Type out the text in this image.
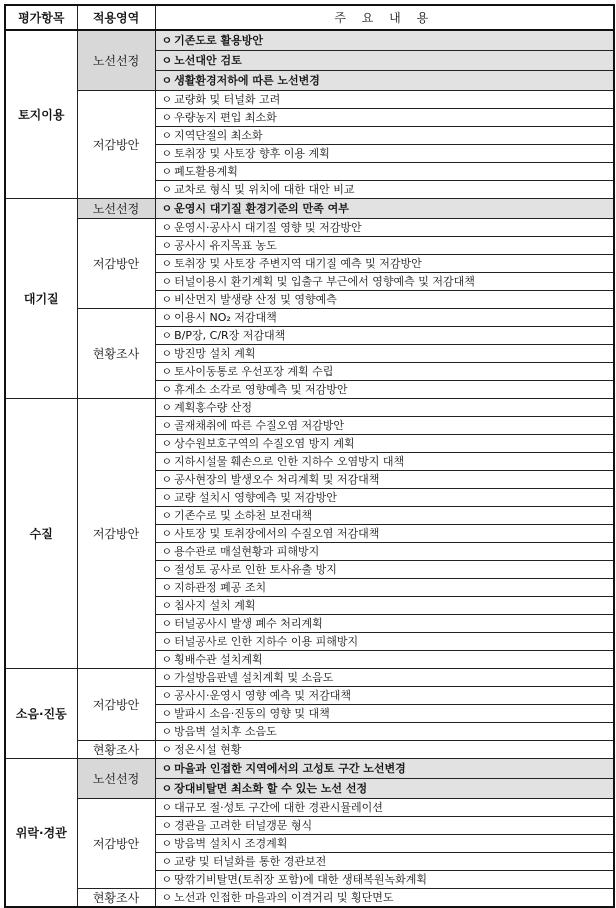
평가항목	적용영역	주 요 내 용
토지이용	노선선정	ㅇ 기존도로 활용방안
		ㅇ 노선대안 검토
		ㅇ 생활환경저하에 따른 노선변경
	저감방안	ㅇ 교량화 및 터널화 고려
		ㅇ 우량농지 편입 최소화
		ㅇ 지역단절의 최소화
		ㅇ 토취장 및 사토장 향후 이용 계획
		ㅇ 폐도활용계획
		ㅇ 교차로 형식 및 위치에 대한 대안 비교
대기질	노선선정	ㅇ 운영시 대기질 환경기준의 만족 여부
	저감방안	ㅇ 운영시·공사시 대기질 영향 및 저감방안
		ㅇ 공사시 유지목표 농도
		ㅇ 토취장 및 사토장 주변지역 대기질 예측 및 저감방안
		ㅇ 터널이용시 환기계획 및 입출구 부근에서 영향예측 및 저감대책
		ㅇ 비산먼지 발생량 산정 및 영향예측
	현황조사	ㅇ 이용시 NO₂ 저감대책
		ㅇ B/P장, C/R장 저감대책
		ㅇ 방진망 설치 계획
		ㅇ 토사이동통로 우선포장 계획 수립
		ㅇ 휴게소 소각로 영향예측 및 저감방안
수질	저감방안	ㅇ 계획홍수량 산정
		ㅇ 골재채취에 따른 수질오염 저감방안
		ㅇ 상수원보호구역의 수질오염 방지 계획
		ㅇ 지하시설물 훼손으로 인한 지하수 오염방지 대책
		ㅇ 공사현장의 발생오수 처리계획 및 저감대책
		ㅇ 교량 설치시 영향예측 및 저감방안
		ㅇ 기존수로 및 소하천 보전대책
		ㅇ 사토장 및 토취장에서의 수질오염 저감대책
		ㅇ 용수관로 매설현황과 피해방지
		ㅇ 절성토 공사로 인한 토사유출 방지
		ㅇ 지하관정 폐공 조치
		ㅇ 침사지 설치 계획
		ㅇ 터널공사시 발생 폐수 처리계획
		ㅇ 터널공사로 인한 지하수 이용 피해방지
		ㅇ 횡배수관 설치계획
소음·진동	저감방안	ㅇ 가설방음판넬 설치계획 및 소음도
		ㅇ 공사시·운영시 영향 예측 및 저감대책
		ㅇ 발파시 소음·진동의 영향 및 대책
		ㅇ 방음벽 설치후 소음도
	현황조사	ㅇ 정온시설 현황
위락·경관	노선선정	ㅇ 마을과 인접한 지역에서의 고성토 구간 노선변경
		ㅇ 장대비탈면 최소화 할 수 있는 노선 선정
	저감방안	ㅇ 대규모 절·성토 구간에 대한 경관시뮬레이션
		ㅇ 경관을 고려한 터널갱문 형식
		ㅇ 방음벽 설치시 조경계획
		ㅇ 교량 및 터널화를 통한 경관보전
		ㅇ 땅깎기비탈면(토취장 포함)에 대한 생태복원녹화계획
	현황조사	ㅇ 노선과 인접한 마을과의 이격거리 및 횡단면도
